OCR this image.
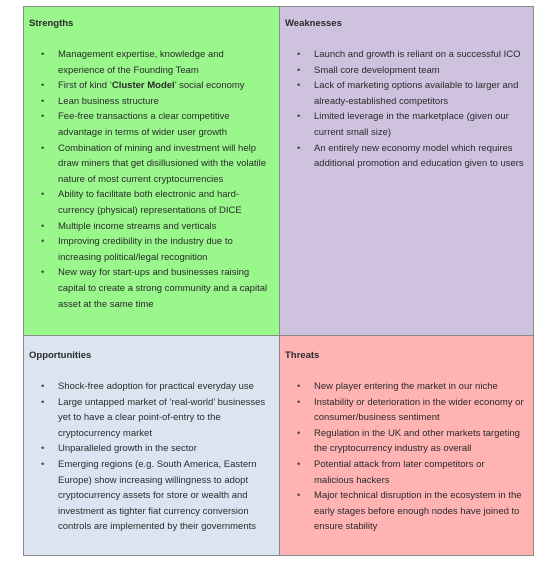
Strengths
• Management expertise, knowledge and experience of the Founding Team
• First of kind ‘Cluster Model’ social economy
• Lean business structure
• Fee-free transactions a clear competitive advantage in terms of wider user growth
• Combination of mining and investment will help draw miners that get disillusioned with the volatile nature of most current cryptocurrencies
• Ability to facilitate both electronic and hard-currency (physical) representations of DICE
• Multiple income streams and verticals
• Improving credibility in the industry due to increasing political/legal recognition
• New way for start-ups and businesses raising capital to create a strong community and a capital asset at the same time
Weaknesses
• Launch and growth is reliant on a successful ICO
• Small core development team
• Lack of marketing options available to larger and already-established competitors
• Limited leverage in the marketplace (given our current small size)
• An entirely new economy model which requires additional promotion and education given to users
Opportunities
• Shock-free adoption for practical everyday use
• Large untapped market of ‘real-world’ businesses yet to have a clear point-of-entry to the cryptocurrency market
• Unparalleled growth in the sector
• Emerging regions (e.g. South America, Eastern Europe) show increasing willingness to adopt cryptocurrency assets for store or wealth and investment as tighter fiat currency conversion controls are implemented by their governments
Threats
• New player entering the market in our niche
• Instability or deterioration in the wider economy or consumer/business sentiment
• Regulation in the UK and other markets targeting the cryptocurrency industry as overall
• Potential attack from later competitors or malicious hackers
• Major technical disruption in the ecosystem in the early stages before enough nodes have joined to ensure stability
